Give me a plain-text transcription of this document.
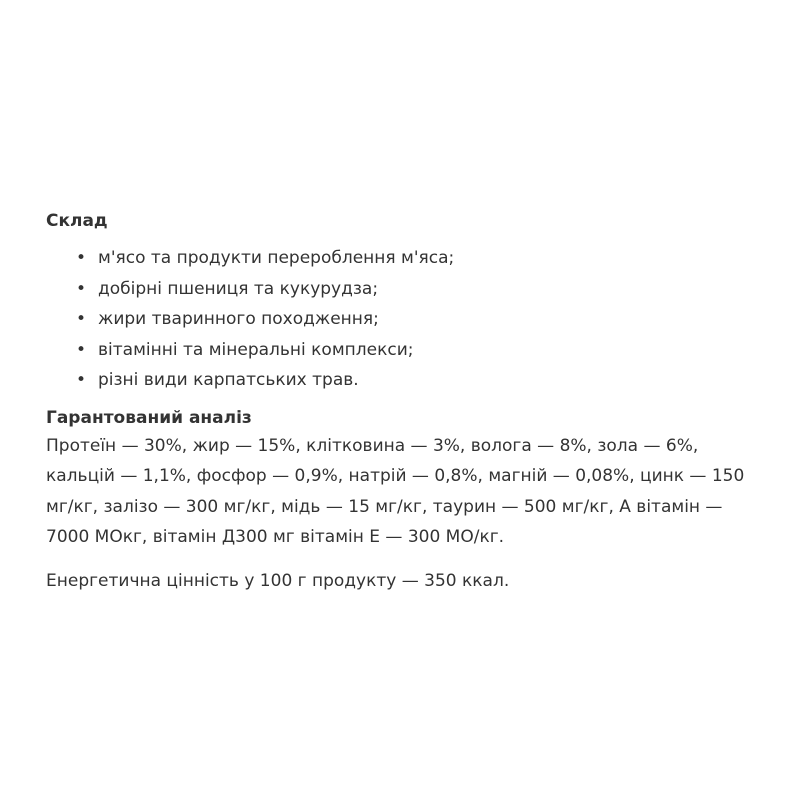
Склад
• м'ясо та продукти перероблення м'яса;
• добірні пшениця та кукурудза;
• жири тваринного походження;
• вітамінні та мінеральні комплекси;
• різні види карпатських трав.
Гарантований аналіз

Протеїн — 30%, жир — 15%, клітковина — 3%, волога — 8%, зола — 6%, кальцій — 1,1%, фосфор — 0,9%, натрій — 0,8%, магній — 0,08%, цинк — 150 мг/кг, залізо — 300 мг/кг, мідь — 15 мг/кг, таурин — 500 мг/кг, А вітамін — 7000 МОкг, вітамін Д300 мг вітамін Е — 300 МО/кг.

Енергетична цінність у 100 г продукту — 350 ккал.
